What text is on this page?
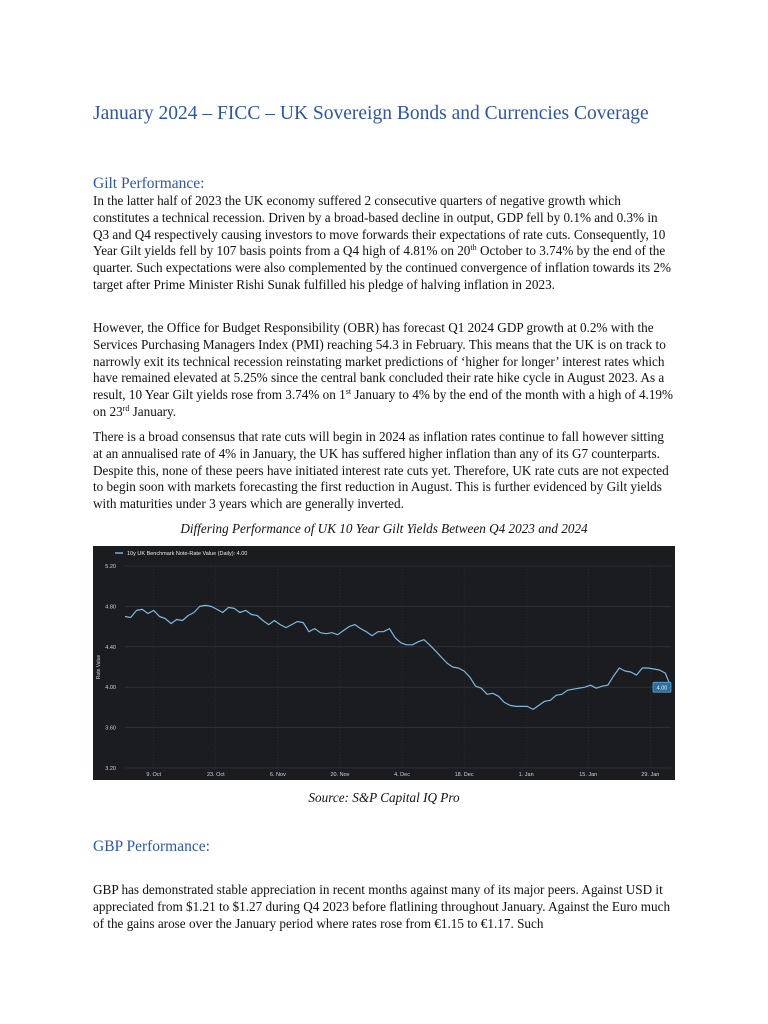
January 2024 – FICC – UK Sovereign Bonds and Currencies Coverage
Gilt Performance:
In the latter half of 2023 the UK economy suffered 2 consecutive quarters of negative growth which constitutes a technical recession. Driven by a broad-based decline in output, GDP fell by 0.1% and 0.3% in Q3 and Q4 respectively causing investors to move forwards their expectations of rate cuts. Consequently, 10 Year Gilt yields fell by 107 basis points from a Q4 high of 4.81% on 20th October to 3.74% by the end of the quarter. Such expectations were also complemented by the continued convergence of inflation towards its 2% target after Prime Minister Rishi Sunak fulfilled his pledge of halving inflation in 2023.
However, the Office for Budget Responsibility (OBR) has forecast Q1 2024 GDP growth at 0.2% with the Services Purchasing Managers Index (PMI) reaching 54.3 in February. This means that the UK is on track to narrowly exit its technical recession reinstating market predictions of ‘higher for longer’ interest rates which have remained elevated at 5.25% since the central bank concluded their rate hike cycle in August 2023. As a result, 10 Year Gilt yields rose from 3.74% on 1st January to 4% by the end of the month with a high of 4.19% on 23rd January.
There is a broad consensus that rate cuts will begin in 2024 as inflation rates continue to fall however sitting at an annualised rate of 4% in January, the UK has suffered higher inflation than any of its G7 counterparts. Despite this, none of these peers have initiated interest rate cuts yet. Therefore, UK rate cuts are not expected to begin soon with markets forecasting the first reduction in August. This is further evidenced by Gilt yields with maturities under 3 years which are generally inverted.
Differing Performance of UK 10 Year Gilt Yields Between Q4 2023 and 2024
5.20
4.80
4.40
4.00
3.60
3.20
Rate Value
9. Oct	23. Oct	6. Nov	20. Nov	4. Dec	18. Dec	1. Jan	15. Jan	29. Jan
4.00
10y UK Benchmark Note-Rate Value (Daily): 4.00
Source: S&P Capital IQ Pro
GBP Performance:
GBP has demonstrated stable appreciation in recent months against many of its major peers. Against USD it appreciated from $1.21 to $1.27 during Q4 2023 before flatlining throughout January. Against the Euro much of the gains arose over the January period where rates rose from €1.15 to €1.17. Such
